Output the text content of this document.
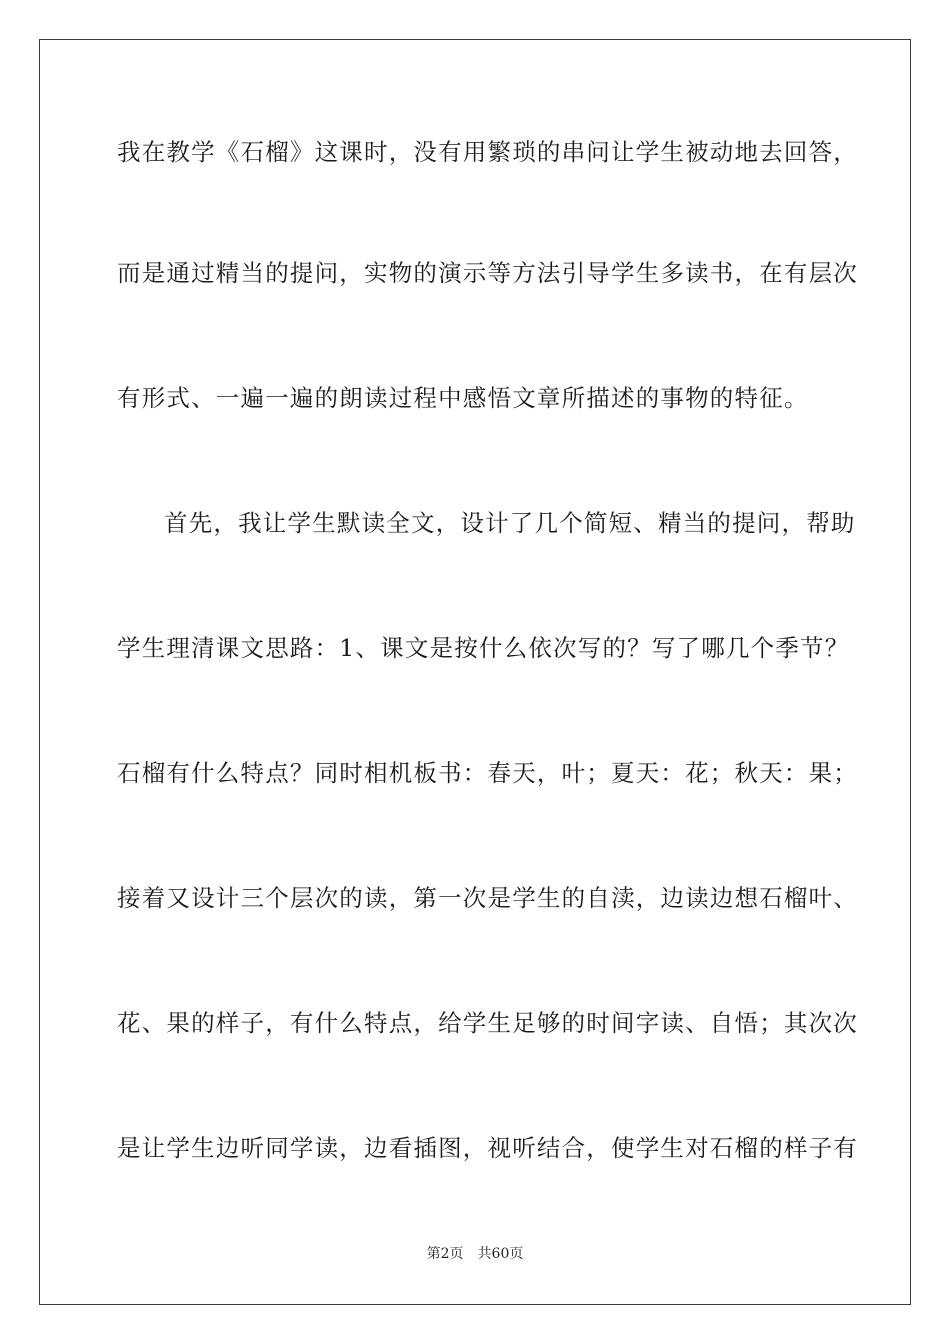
我在教学《石榴》这课时，没有用繁琐的串问让学生被动地去回答，
而是通过精当的提问，实物的演示等方法引导学生多读书，在有层次
有形式、一遍一遍的朗读过程中感悟文章所描述的事物的特征。
首先，我让学生默读全文，设计了几个简短、精当的提问，帮助
学生理清课文思路：1、课文是按什么依次写的？写了哪几个季节？
石榴有什么特点？同时相机板书：春天，叶；夏天：花；秋天：果；
接着又设计三个层次的读，第一次是学生的自渎，边读边想石榴叶、
花、果的样子，有什么特点，给学生足够的时间字读、自悟；其次次
是让学生边听同学读，边看插图，视听结合，使学生对石榴的样子有
第2页 共60页
